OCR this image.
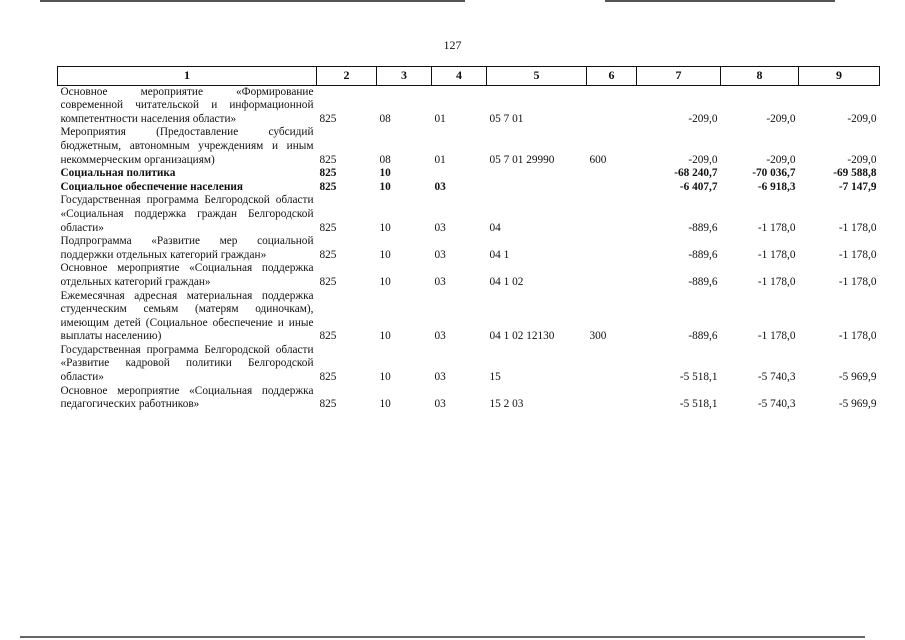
127
1	2	3	4	5	6	7	8	9
Основное мероприятие «Формирование современной читательской и информационной компетентности населения области»	825	08	01	05 7 01		-209,0	-209,0	-209,0
Мероприятия (Предоставление субсидий бюджетным, автономным учреждениям и иным некоммерческим организациям)	825	08	01	05 7 01 29990	600	-209,0	-209,0	-209,0
Социальная политика	825	10				-68 240,7	-70 036,7	-69 588,8
Социальное обеспечение населения	825	10	03			-6 407,7	-6 918,3	-7 147,9
Государственная программа Белгородской области «Социальная поддержка граждан Белгородской области»	825	10	03	04		-889,6	-1 178,0	-1 178,0
Подпрограмма «Развитие мер социальной поддержки отдельных категорий граждан»	825	10	03	04 1		-889,6	-1 178,0	-1 178,0
Основное мероприятие «Социальная поддержка отдельных категорий граждан»	825	10	03	04 1 02		-889,6	-1 178,0	-1 178,0
Ежемесячная адресная материальная поддержка студенческим семьям (матерям одиночкам), имеющим детей (Социальное обеспечение и иные выплаты населению)	825	10	03	04 1 02 12130	300	-889,6	-1 178,0	-1 178,0
Государственная программа Белгородской области «Развитие кадровой политики Белгородской области»	825	10	03	15		-5 518,1	-5 740,3	-5 969,9
Основное мероприятие «Социальная поддержка педагогических работников»	825	10	03	15 2 03		-5 518,1	-5 740,3	-5 969,9
